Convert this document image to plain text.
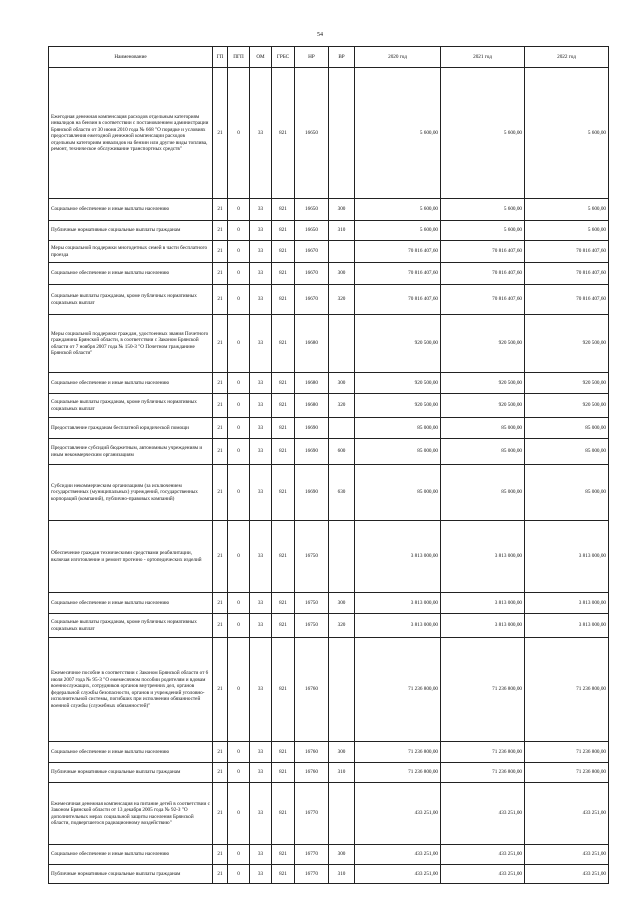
54
Наименование	ГП	ПГП	ОМ	ГРБС	НР	ВР	2020 год	2021 год	2022 год
Ежегодная денежная компенсация расходов отдельным категориям инвалидов на бензин в соответствии с постановлением администрации Брянской области от 30 июня 2010 года № 668 "О порядке и условиях предоставления ежегодной денежной компенсации расходов отдельным категориям инвалидов на бензин или другие виды топлива, ремонт, техническое обслуживание транспортных средств"	21	0	33	821	16650		5 600,00	5 600,00	5 600,00
Социальное обеспечение и иные выплаты населению	21	0	33	821	16650	300	5 600,00	5 600,00	5 600,00
Публичные нормативные социальные выплаты гражданам	21	0	33	821	16650	310	5 600,00	5 600,00	5 600,00
Меры социальной поддержки многодетных семей в части бесплатного проезда	21	0	33	821	16670		70 816 407,60	70 816 407,60	70 816 407,60
Социальное обеспечение и иные выплаты населению	21	0	33	821	16670	300	70 816 407,60	70 816 407,60	70 816 407,60
Социальные выплаты гражданам, кроме публичных нормативных социальных выплат	21	0	33	821	16670	320	70 816 407,60	70 816 407,60	70 816 407,60
Меры социальной поддержки граждан, удостоенных звания Почетного гражданина Брянской области, в соответствии с Законом Брянской области от 7 ноября 2007 года № 150-З "О Почетном гражданине Брянской области"	21	0	33	821	16680		920 500,00	920 500,00	920 500,00
Социальное обеспечение и иные выплаты населению	21	0	33	821	16680	300	920 500,00	920 500,00	920 500,00
Социальные выплаты гражданам, кроме публичных нормативных социальных выплат	21	0	33	821	16680	320	920 500,00	920 500,00	920 500,00
Предоставление гражданам бесплатной юридической помощи	21	0	33	821	16690		85 000,00	85 000,00	85 000,00
Предоставление субсидий бюджетным, автономным учреждениям и иным некоммерческим организациям	21	0	33	821	16690	600	85 000,00	85 000,00	85 000,00
Субсидии некоммерческим организациям (за исключением государственных (муниципальных) учреждений, государственных корпораций (компаний), публично-правовых компаний)	21	0	33	821	16690	630	85 000,00	85 000,00	85 000,00
Обеспечение граждан техническими средствами реабилитации, включая изготовление и ремонт протезно - ортопедических изделий	21	0	33	821	16750		3 813 000,00	3 813 000,00	3 813 000,00
Социальное обеспечение и иные выплаты населению	21	0	33	821	16750	300	3 813 000,00	3 813 000,00	3 813 000,00
Социальные выплаты гражданам, кроме публичных нормативных социальных выплат	21	0	33	821	16750	320	3 813 000,00	3 813 000,00	3 813 000,00
Ежемесячное пособие в соответствии с Законом Брянской области от 6 июля 2007 года № 95-З "О ежемесячном пособии родителям и вдовам военнослужащих, сотрудников органов внутренних дел, органов федеральной службы безопасности, органов и учреждений уголовно-исполнительной системы, погибших при исполнении обязанностей военной службы (служебных обязанностей)"	21	0	33	821	16760		71 236 800,00	71 236 800,00	71 236 800,00
Социальное обеспечение и иные выплаты населению	21	0	33	821	16760	300	71 236 800,00	71 236 800,00	71 236 800,00
Публичные нормативные социальные выплаты гражданам	21	0	33	821	16760	310	71 236 800,00	71 236 800,00	71 236 800,00
Ежемесячная денежная компенсация на питание детей в соответствии с Законом Брянской области от 13 декабря 2005 года № 92-З "О дополнительных мерах социальной защиты населения Брянской области, подвергшегося радиационному воздействию"	21	0	33	821	16770		433 251,00	433 251,00	433 251,00
Социальное обеспечение и иные выплаты населению	21	0	33	821	16770	300	433 251,00	433 251,00	433 251,00
Публичные нормативные социальные выплаты гражданам	21	0	33	821	16770	310	433 251,00	433 251,00	433 251,00
